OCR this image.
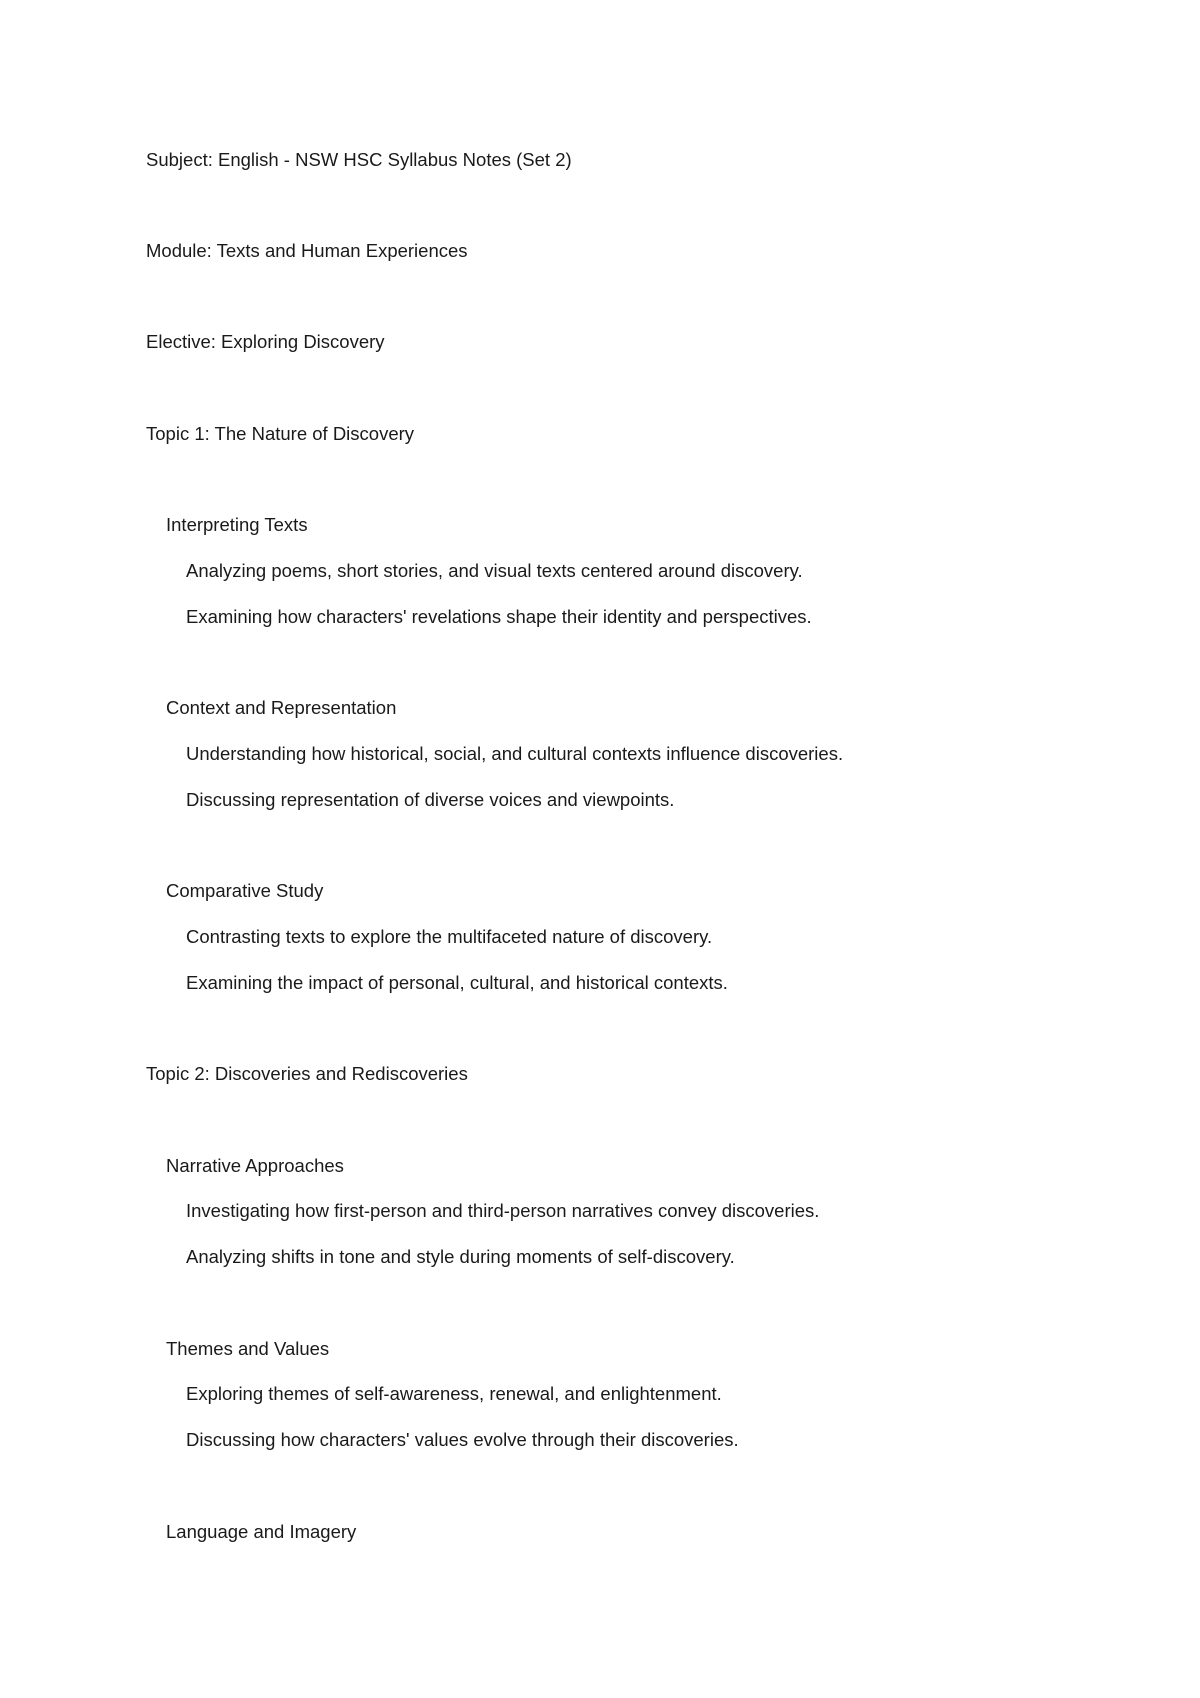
Subject: English - NSW HSC Syllabus Notes (Set 2)
Module: Texts and Human Experiences
Elective: Exploring Discovery
Topic 1: The Nature of Discovery
Interpreting Texts
Analyzing poems, short stories, and visual texts centered around discovery.
Examining how characters' revelations shape their identity and perspectives.
Context and Representation
Understanding how historical, social, and cultural contexts influence discoveries.
Discussing representation of diverse voices and viewpoints.
Comparative Study
Contrasting texts to explore the multifaceted nature of discovery.
Examining the impact of personal, cultural, and historical contexts.
Topic 2: Discoveries and Rediscoveries
Narrative Approaches
Investigating how first-person and third-person narratives convey discoveries.
Analyzing shifts in tone and style during moments of self-discovery.
Themes and Values
Exploring themes of self-awareness, renewal, and enlightenment.
Discussing how characters' values evolve through their discoveries.
Language and Imagery
